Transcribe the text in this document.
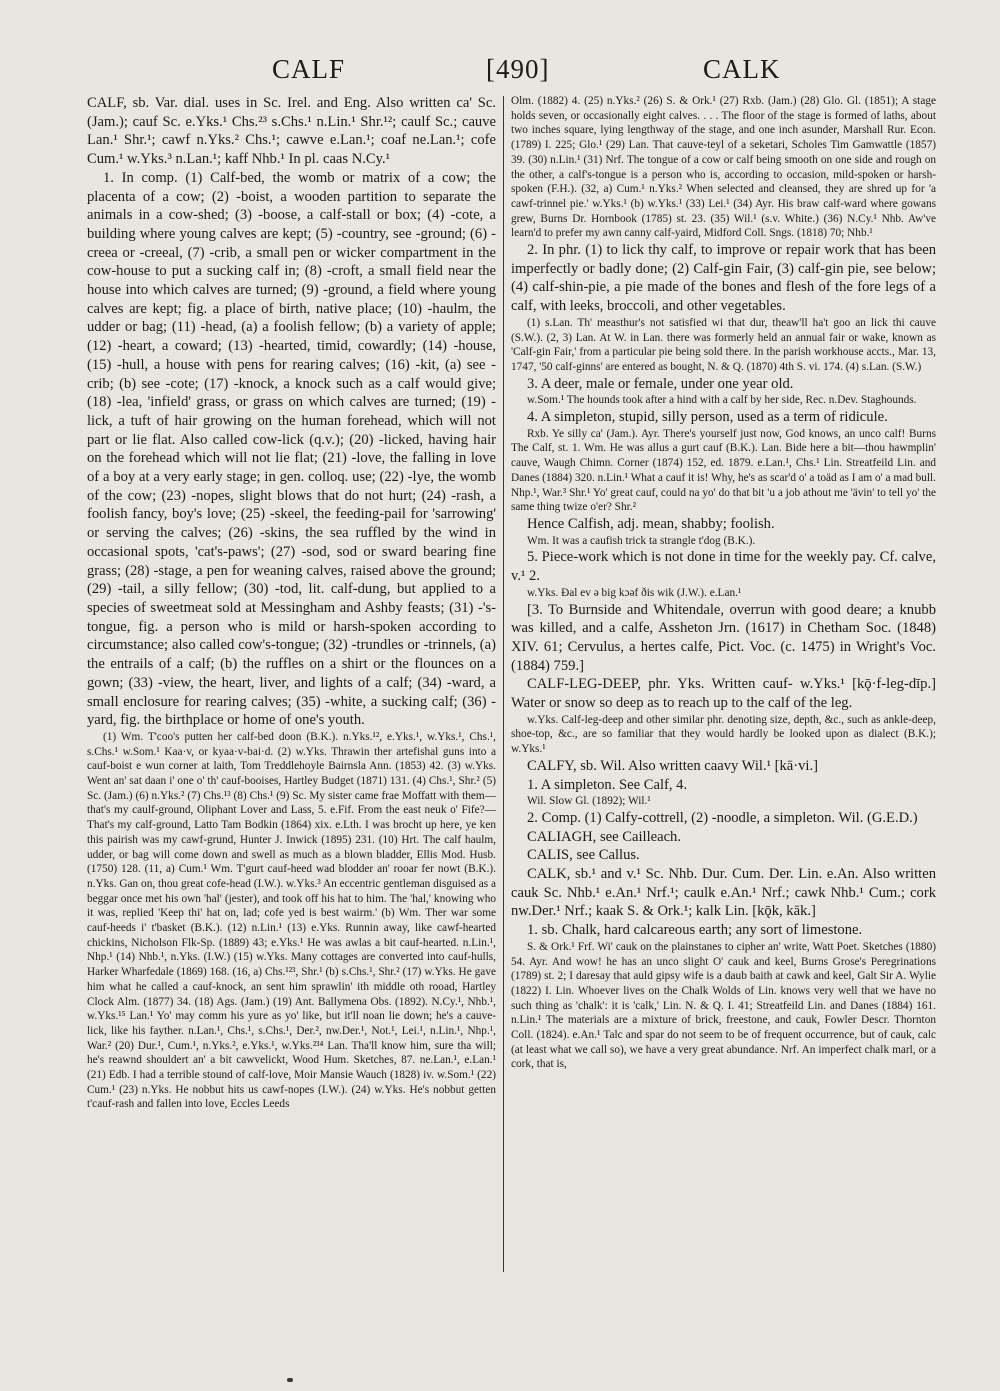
CALF	[490]	CALK

CALF, sb. Var. dial. uses in Sc. Irel. and Eng. Also written ca' Sc. (Jam.); cauf Sc. e.Yks.¹ Chs.²³ s.Chs.¹ n.Lin.¹ Shr.¹²; caulf Sc.; cauve Lan.¹ Shr.¹; cawf n.Yks.² Chs.¹; cawve e.Lan.¹; coaf ne.Lan.¹; cofe Cum.¹ w.Yks.³ n.Lan.¹; kaff Nhb.¹ In pl. caas N.Cy.¹

1. In comp. (1) Calf-bed, the womb or matrix of a cow; the placenta of a cow; (2) -boist, a wooden partition to separate the animals in a cow-shed; (3) -boose, a calf-stall or box; (4) -cote, a building where young calves are kept; (5) -country, see -ground; (6) -creea or -creeal, (7) -crib, a small pen or wicker compartment in the cow-house to put a sucking calf in; (8) -croft, a small field near the house into which calves are turned; (9) -ground, a field where young calves are kept; fig. a place of birth, native place; (10) -haulm, the udder or bag; (11) -head, (a) a foolish fellow; (b) a variety of apple; (12) -heart, a coward; (13) -hearted, timid, cowardly; (14) -house, (15) -hull, a house with pens for rearing calves; (16) -kit, (a) see -crib; (b) see -cote; (17) -knock, a knock such as a calf would give; (18) -lea, 'infield' grass, or grass on which calves are turned; (19) -lick, a tuft of hair growing on the human forehead, which will not part or lie flat. Also called cow-lick (q.v.); (20) -licked, having hair on the forehead which will not lie flat; (21) -love, the falling in love of a boy at a very early stage; in gen. colloq. use; (22) -lye, the womb of the cow; (23) -nopes, slight blows that do not hurt; (24) -rash, a foolish fancy, boy's love; (25) -skeel, the feeding-pail for 'sarrowing' or serving the calves; (26) -skins, the sea ruffled by the wind in occasional spots, 'cat's-paws'; (27) -sod, sod or sward bearing fine grass; (28) -stage, a pen for weaning calves, raised above the ground; (29) -tail, a silly fellow; (30) -tod, lit. calf-dung, but applied to a species of sweetmeat sold at Messingham and Ashby feasts; (31) -'s-tongue, fig. a person who is mild or harsh-spoken according to circumstance; also called cow's-tongue; (32) -trundles or -trinnels, (a) the entrails of a calf; (b) the ruffles on a shirt or the flounces on a gown; (33) -view, the heart, liver, and lights of a calf; (34) -ward, a small enclosure for rearing calves; (35) -white, a sucking calf; (36) -yard, fig. the birthplace or home of one's youth.

(1) Wm. T'coo's putten her calf-bed doon (B.K.). n.Yks.¹², e.Yks.¹, w.Yks.¹, Chs.¹, s.Chs.¹ w.Som.¹ Kaa·v, or kyaa·v-bai·d. (2) w.Yks. Thrawin ther artefishal guns into a cauf-boist e wun corner at laith, Tom Treddlehoyle Bairnsla Ann. (1853) 42. (3) w.Yks. Went an' sat daan i' one o' th' cauf-booises, Hartley Budget (1871) 131. (4) Chs.¹, Shr.² (5) Sc. (Jam.) (6) n.Yks.² (7) Chs.¹³ (8) Chs.¹ (9) Sc. My sister came frae Moffatt with them—that's my caulf-ground, Oliphant Lover and Lass, 5. e.Fif. From the east neuk o' Fife?—That's my calf-ground, Latto Tam Bodkin (1864) xix. e.Lth. I was brocht up here, ye ken this pairish was my cawf-grund, Hunter J. Inwick (1895) 231. (10) Hrt. The calf haulm, udder, or bag will come down and swell as much as a blown bladder, Ellis Mod. Husb. (1750) 128. (11, a) Cum.¹ Wm. T'gurt cauf-heed wad blodder an' rooar fer nowt (B.K.). n.Yks. Gan on, thou great cofe-head (I.W.). w.Yks.³ An eccentric gentleman disguised as a beggar once met his own 'hal' (jester), and took off his hat to him. The 'hal,' knowing who it was, replied 'Keep thi' hat on, lad; cofe yed is best wairm.' (b) Wm. Ther war some cauf-heeds i' t'basket (B.K.). (12) n.Lin.¹ (13) e.Yks. Runnin away, like cawf-hearted chickins, Nicholson Flk-Sp. (1889) 43; e.Yks.¹ He was awlas a bit cauf-hearted. n.Lin.¹, Nhp.¹ (14) Nhb.¹, n.Yks. (I.W.) (15) w.Yks. Many cottages are converted into cauf-hulls, Harker Wharfedale (1869) 168. (16, a) Chs.¹²³, Shr.¹ (b) s.Chs.¹, Shr.² (17) w.Yks. He gave him what he called a cauf-knock, an sent him sprawlin' ith middle oth rooad, Hartley Clock Alm. (1877) 34. (18) Ags. (Jam.) (19) Ant. Ballymena Obs. (1892). N.Cy.¹, Nhb.¹, w.Yks.¹⁵ Lan.¹ Yo' may comm his yure as yo' like, but it'll noan lie down; he's a cauve-lick, like his fayther. n.Lan.¹, Chs.¹, s.Chs.¹, Der.², nw.Der.¹, Not.¹, Lei.¹, n.Lin.¹, Nhp.¹, War.² (20) Dur.¹, Cum.¹, n.Yks.², e.Yks.¹, w.Yks.²³⁴ Lan. Tha'll know him, sure tha will; he's reawnd shouldert an' a bit cawvelickt, Wood Hum. Sketches, 87. ne.Lan.¹, e.Lan.¹ (21) Edb. I had a terrible stound of calf-love, Moir Mansie Wauch (1828) iv. w.Som.¹ (22) Cum.¹ (23) n.Yks. He nobbut hits us cawf-nopes (I.W.). (24) w.Yks. He's nobbut getten t'cauf-rash and fallen into love, Eccles Leeds

Olm. (1882) 4. (25) n.Yks.² (26) S. & Ork.¹ (27) Rxb. (Jam.) (28) Glo. Gl. (1851); A stage holds seven, or occasionally eight calves. . . . The floor of the stage is formed of laths, about two inches square, lying lengthway of the stage, and one inch asunder, Marshall Rur. Econ. (1789) I. 225; Glo.¹ (29) Lan. That cauve-teyl of a seketari, Scholes Tim Gamwattle (1857) 39. (30) n.Lin.¹ (31) Nrf. The tongue of a cow or calf being smooth on one side and rough on the other, a calf's-tongue is a person who is, according to occasion, mild-spoken or harsh-spoken (F.H.). (32, a) Cum.¹ n.Yks.² When selected and cleansed, they are shred up for 'a cawf-trinnel pie.' w.Yks.¹ (b) w.Yks.¹ (33) Lei.¹ (34) Ayr. His braw calf-ward where gowans grew, Burns Dr. Hornbook (1785) st. 23. (35) Wil.¹ (s.v. White.) (36) N.Cy.¹ Nhb. Aw've learn'd to prefer my awn canny calf-yaird, Midford Coll. Sngs. (1818) 70; Nhb.¹

2. In phr. (1) to lick thy calf, to improve or repair work that has been imperfectly or badly done; (2) Calf-gin Fair, (3) calf-gin pie, see below; (4) calf-shin-pie, a pie made of the bones and flesh of the fore legs of a calf, with leeks, broccoli, and other vegetables.

(1) s.Lan. Th' measthur's not satisfied wi that dur, theaw'll ha't goo an lick thi cauve (S.W.). (2, 3) Lan. At W. in Lan. there was formerly held an annual fair or wake, known as 'Calf-gin Fair,' from a particular pie being sold there. In the parish workhouse accts., Mar. 13, 1747, '50 calf-ginns' are entered as bought, N. & Q. (1870) 4th S. vi. 174. (4) s.Lan. (S.W.)

3. A deer, male or female, under one year old.

w.Som.¹ The hounds took after a hind with a calf by her side, Rec. n.Dev. Staghounds.

4. A simpleton, stupid, silly person, used as a term of ridicule.

Rxb. Ye silly ca' (Jam.). Ayr. There's yourself just now, God knows, an unco calf! Burns The Calf, st. 1. Wm. He was allus a gurt cauf (B.K.). Lan. Bide here a bit—thou hawmplin' cauve, Waugh Chimn. Corner (1874) 152, ed. 1879. e.Lan.¹, Chs.¹ Lin. Streatfeild Lin. and Danes (1884) 320. n.Lin.¹ What a cauf it is! Why, he's as scar'd o' a toäd as I am o' a mad bull. Nhp.¹, War.³ Shr.¹ Yo' great cauf, could na yo' do that bit 'u a job athout me 'ävin' to tell yo' the same thing twize o'er? Shr.²

Hence Calfish, adj. mean, shabby; foolish.

Wm. It was a caufish trick ta strangle t'dog (B.K.).

5. Piece-work which is not done in time for the weekly pay. Cf. calve, v.¹ 2.

w.Yks. Ðal ev ə big kɔəf ðis wik (J.W.). e.Lan.¹

[3. To Burnside and Whitendale, overrun with good deare; a knubb was killed, and a calfe, Assheton Jrn. (1617) in Chetham Soc. (1848) XIV. 61; Cervulus, a hertes calfe, Pict. Voc. (c. 1475) in Wright's Voc. (1884) 759.]

CALF-LEG-DEEP, phr. Yks. Written cauf- w.Yks.¹ [kǭ·f-leg-dīp.] Water or snow so deep as to reach up to the calf of the leg.

w.Yks. Calf-leg-deep and other similar phr. denoting size, depth, &c., such as ankle-deep, shoe-top, &c., are so familiar that they would hardly be looked upon as dialect (B.K.); w.Yks.¹

CALFY, sb. Wil. Also written caavy Wil.¹ [kā·vi.]

1. A simpleton. See Calf, 4.

Wil. Slow Gl. (1892); Wil.¹

2. Comp. (1) Calfy-cottrell, (2) -noodle, a simpleton. Wil. (G.E.D.)

CALIAGH, see Cailleach.

CALIS, see Callus.

CALK, sb.¹ and v.¹ Sc. Nhb. Dur. Cum. Der. Lin. e.An. Also written cauk Sc. Nhb.¹ e.An.¹ Nrf.¹; caulk e.An.¹ Nrf.; cawk Nhb.¹ Cum.; cork nw.Der.¹ Nrf.; kaak S. & Ork.¹; kalk Lin. [kǭk, kāk.]

1. sb. Chalk, hard calcareous earth; any sort of limestone.

S. & Ork.¹ Frf. Wi' cauk on the plainstanes to cipher an' write, Watt Poet. Sketches (1880) 54. Ayr. And wow! he has an unco slight O' cauk and keel, Burns Grose's Peregrinations (1789) st. 2; I daresay that auld gipsy wife is a daub baith at cawk and keel, Galt Sir A. Wylie (1822) I. Lin. Whoever lives on the Chalk Wolds of Lin. knows very well that we have no such thing as 'chalk': it is 'calk,' Lin. N. & Q. I. 41; Streatfeild Lin. and Danes (1884) 161. n.Lin.¹ The materials are a mixture of brick, freestone, and cauk, Fowler Descr. Thornton Coll. (1824). e.An.¹ Talc and spar do not seem to be of frequent occurrence, but of cauk, calc (at least what we call so), we have a very great abundance. Nrf. An imperfect chalk marl, or a cork, that is,
